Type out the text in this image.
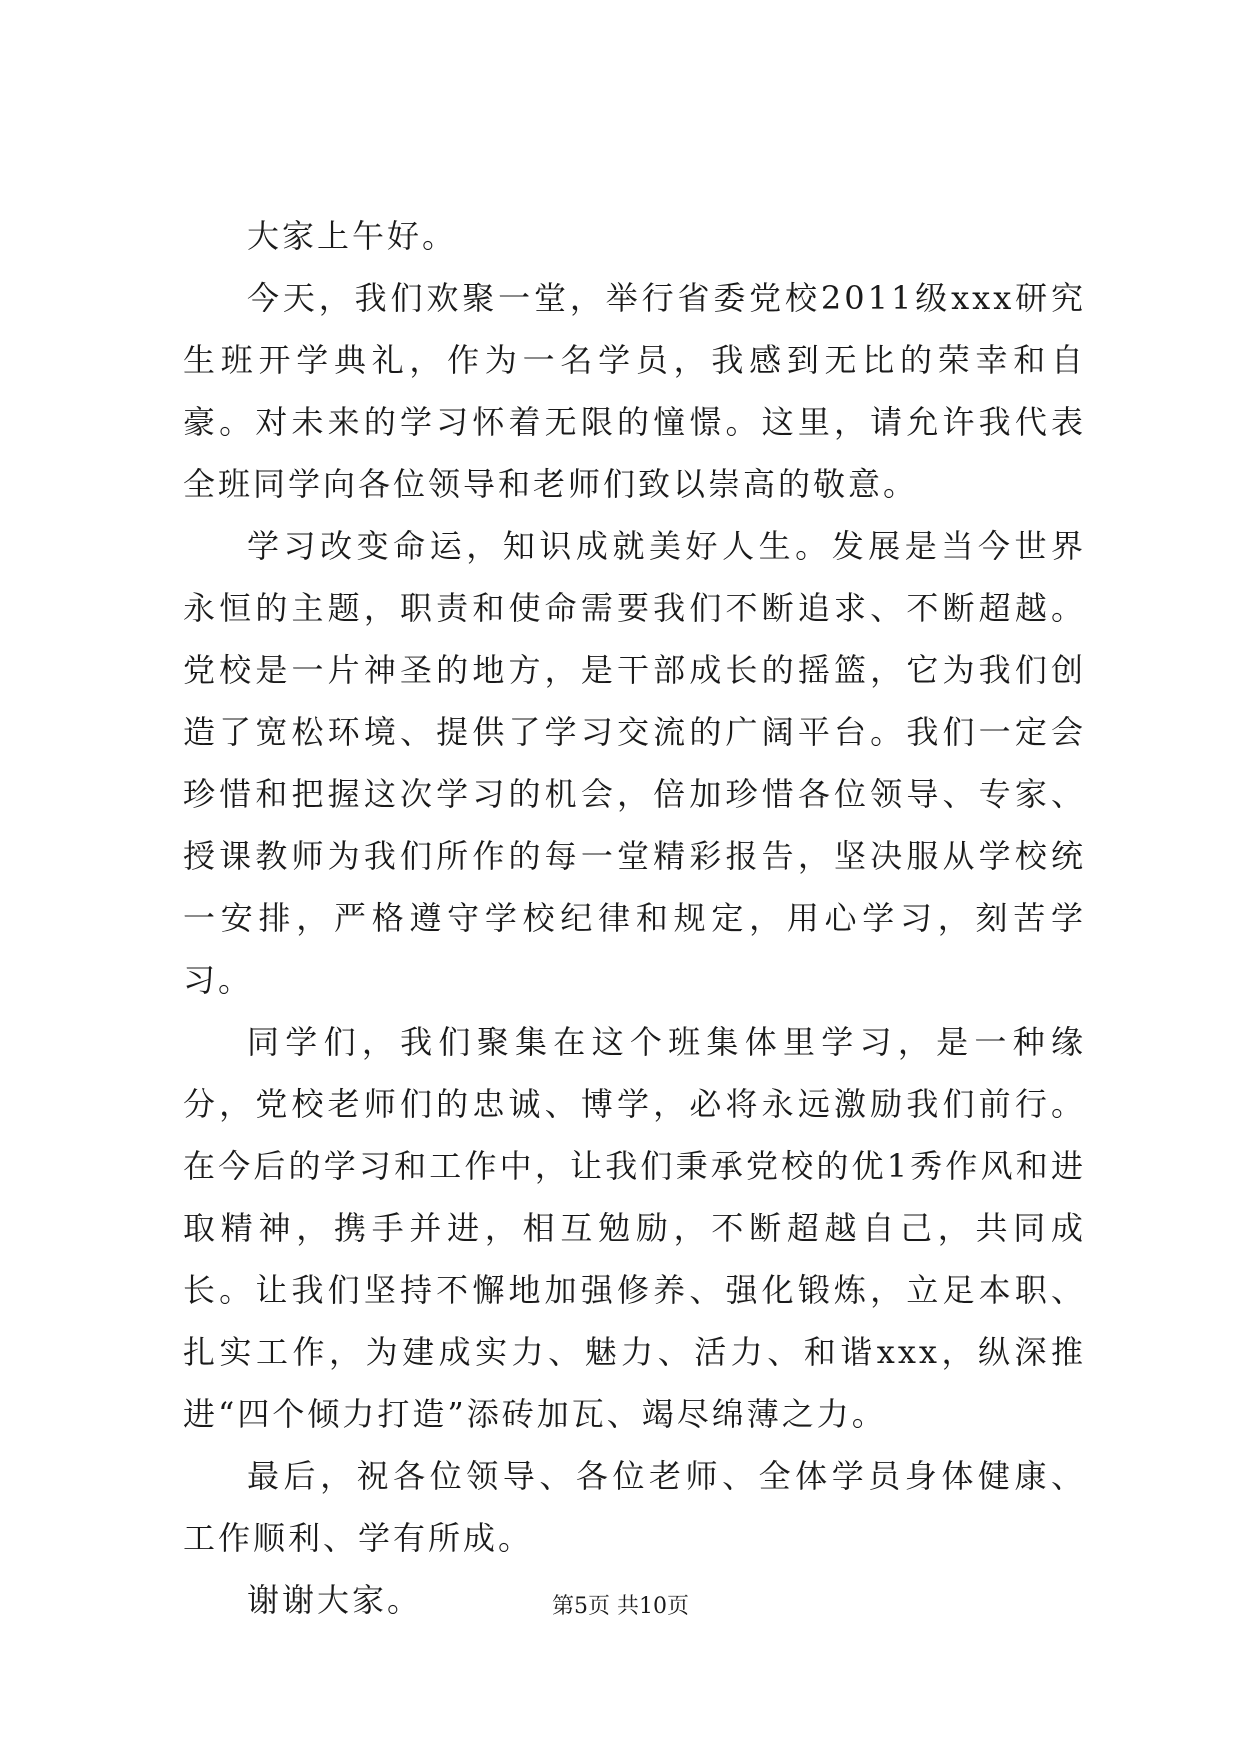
大家上午好。

今天，我们欢聚一堂，举行省委党校2011级xxx研究生班开学典礼，作为一名学员，我感到无比的荣幸和自豪。对未来的学习怀着无限的憧憬。这里，请允许我代表全班同学向各位领导和老师们致以崇高的敬意。

学习改变命运，知识成就美好人生。发展是当今世界永恒的主题，职责和使命需要我们不断追求、不断超越。党校是一片神圣的地方，是干部成长的摇篮，它为我们创造了宽松环境、提供了学习交流的广阔平台。我们一定会珍惜和把握这次学习的机会，倍加珍惜各位领导、专家、授课教师为我们所作的每一堂精彩报告，坚决服从学校统一安排，严格遵守学校纪律和规定，用心学习，刻苦学习。

同学们，我们聚集在这个班集体里学习，是一种缘分，党校老师们的忠诚、博学，必将永远激励我们前行。在今后的学习和工作中，让我们秉承党校的优1秀作风和进取精神，携手并进，相互勉励，不断超越自己，共同成长。让我们坚持不懈地加强修养、强化锻炼，立足本职、扎实工作，为建成实力、魅力、活力、和谐xxx，纵深推进“四个倾力打造”添砖加瓦、竭尽绵薄之力。

最后，祝各位领导、各位老师、全体学员身体健康、工作顺利、学有所成。

谢谢大家。	第5页 共10页
